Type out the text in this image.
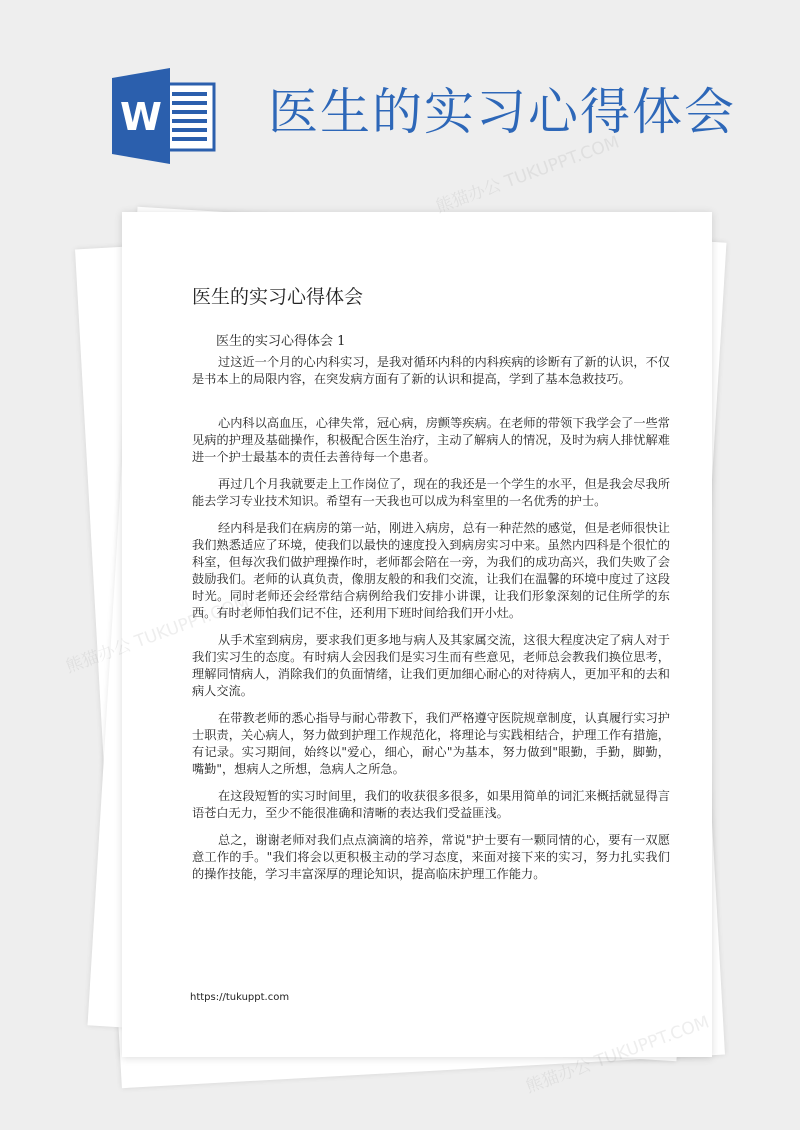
W 医生的实习心得体会
医生的实习心得体会
医生的实习心得体会 1

过这近一个月的心内科实习，是我对循环内科的内科疾病的诊断有了新的认识，不仅是书本上的局限内容，在突发病方面有了新的认识和提高，学到了基本急救技巧。

心内科以高血压，心律失常，冠心病，房颤等疾病。在老师的带领下我学会了一些常见病的护理及基础操作，积极配合医生治疗，主动了解病人的情况，及时为病人排忧解难进一个护士最基本的责任去善待每一个患者。

再过几个月我就要走上工作岗位了，现在的我还是一个学生的水平，但是我会尽我所能去学习专业技术知识。希望有一天我也可以成为科室里的一名优秀的护士。

经内科是我们在病房的第一站，刚进入病房，总有一种茫然的感觉，但是老师很快让我们熟悉适应了环境，使我们以最快的速度投入到病房实习中来。虽然内四科是个很忙的科室，但每次我们做护理操作时，老师都会陪在一旁，为我们的成功高兴，我们失败了会鼓励我们。老师的认真负责，像朋友般的和我们交流，让我们在温馨的环境中度过了这段时光。同时老师还会经常结合病例给我们安排小讲课，让我们形象深刻的记住所学的东西。有时老师怕我们记不住，还利用下班时间给我们开小灶。

从手术室到病房，要求我们更多地与病人及其家属交流，这很大程度决定了病人对于我们实习生的态度。有时病人会因我们是实习生而有些意见，老师总会教我们换位思考，理解同情病人，消除我们的负面情绪，让我们更加细心耐心的对待病人，更加平和的去和病人交流。

在带教老师的悉心指导与耐心带教下，我们严格遵守医院规章制度，认真履行实习护士职责，关心病人，努力做到护理工作规范化，将理论与实践相结合，护理工作有措施，有记录。实习期间，始终以"爱心，细心，耐心"为基本，努力做到"眼勤，手勤，脚勤，嘴勤"，想病人之所想，急病人之所急。

在这段短暂的实习时间里，我们的收获很多很多，如果用简单的词汇来概括就显得言语苍白无力，至少不能很准确和清晰的表达我们受益匪浅。

总之，谢谢老师对我们点点滴滴的培养，常说"护士要有一颗同情的心，要有一双愿意工作的手。"我们将会以更积极主动的学习态度，来面对接下来的实习，努力扎实我们的操作技能，学习丰富深厚的理论知识，提高临床护理工作能力。

https://tukuppt.com
熊猫办公 TUKUPPT.COM
